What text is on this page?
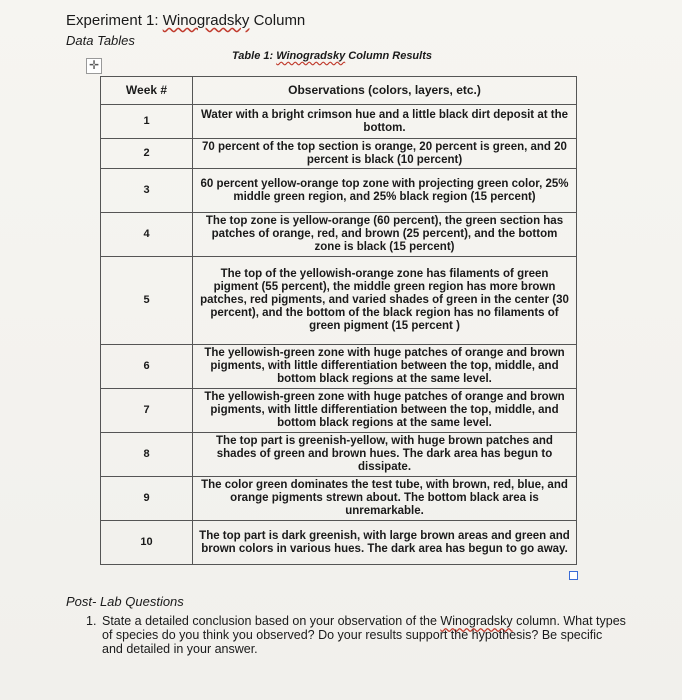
Experiment 1: Winogradsky Column
Data Tables
Table 1: Winogradsky Column Results
✛
Week #	Observations (colors, layers, etc.)
1	Water with a bright crimson hue and a little black dirt deposit at the bottom.
2	70 percent of the top section is orange, 20 percent is green, and 20 percent is black (10 percent)
3	60 percent yellow-orange top zone with projecting green color, 25% middle green region, and 25% black region (15 percent)
4	The top zone is yellow-orange (60 percent), the green section has patches of orange, red, and brown (25 percent), and the bottom zone is black (15 percent)
5	The top of the yellowish-orange zone has filaments of green pigment (55 percent), the middle green region has more brown patches, red pigments, and varied shades of green in the center (30 percent), and the bottom of the black region has no filaments of green pigment (15 percent )
6	The yellowish-green zone with huge patches of orange and brown pigments, with little differentiation between the top, middle, and bottom black regions at the same level.
7	The yellowish-green zone with huge patches of orange and brown pigments, with little differentiation between the top, middle, and bottom black regions at the same level.
8	The top part is greenish-yellow, with huge brown patches and shades of green and brown hues. The dark area has begun to dissipate.
9	The color green dominates the test tube, with brown, red, blue, and orange pigments strewn about. The bottom black area is unremarkable.
10	The top part is dark greenish, with large brown areas and green and brown colors in various hues. The dark area has begun to go away.
Post- Lab Questions
1. State a detailed conclusion based on your observation of the Winogradsky column. What types of species do you think you observed? Do your results support the hypothesis? Be specific and detailed in your answer.
